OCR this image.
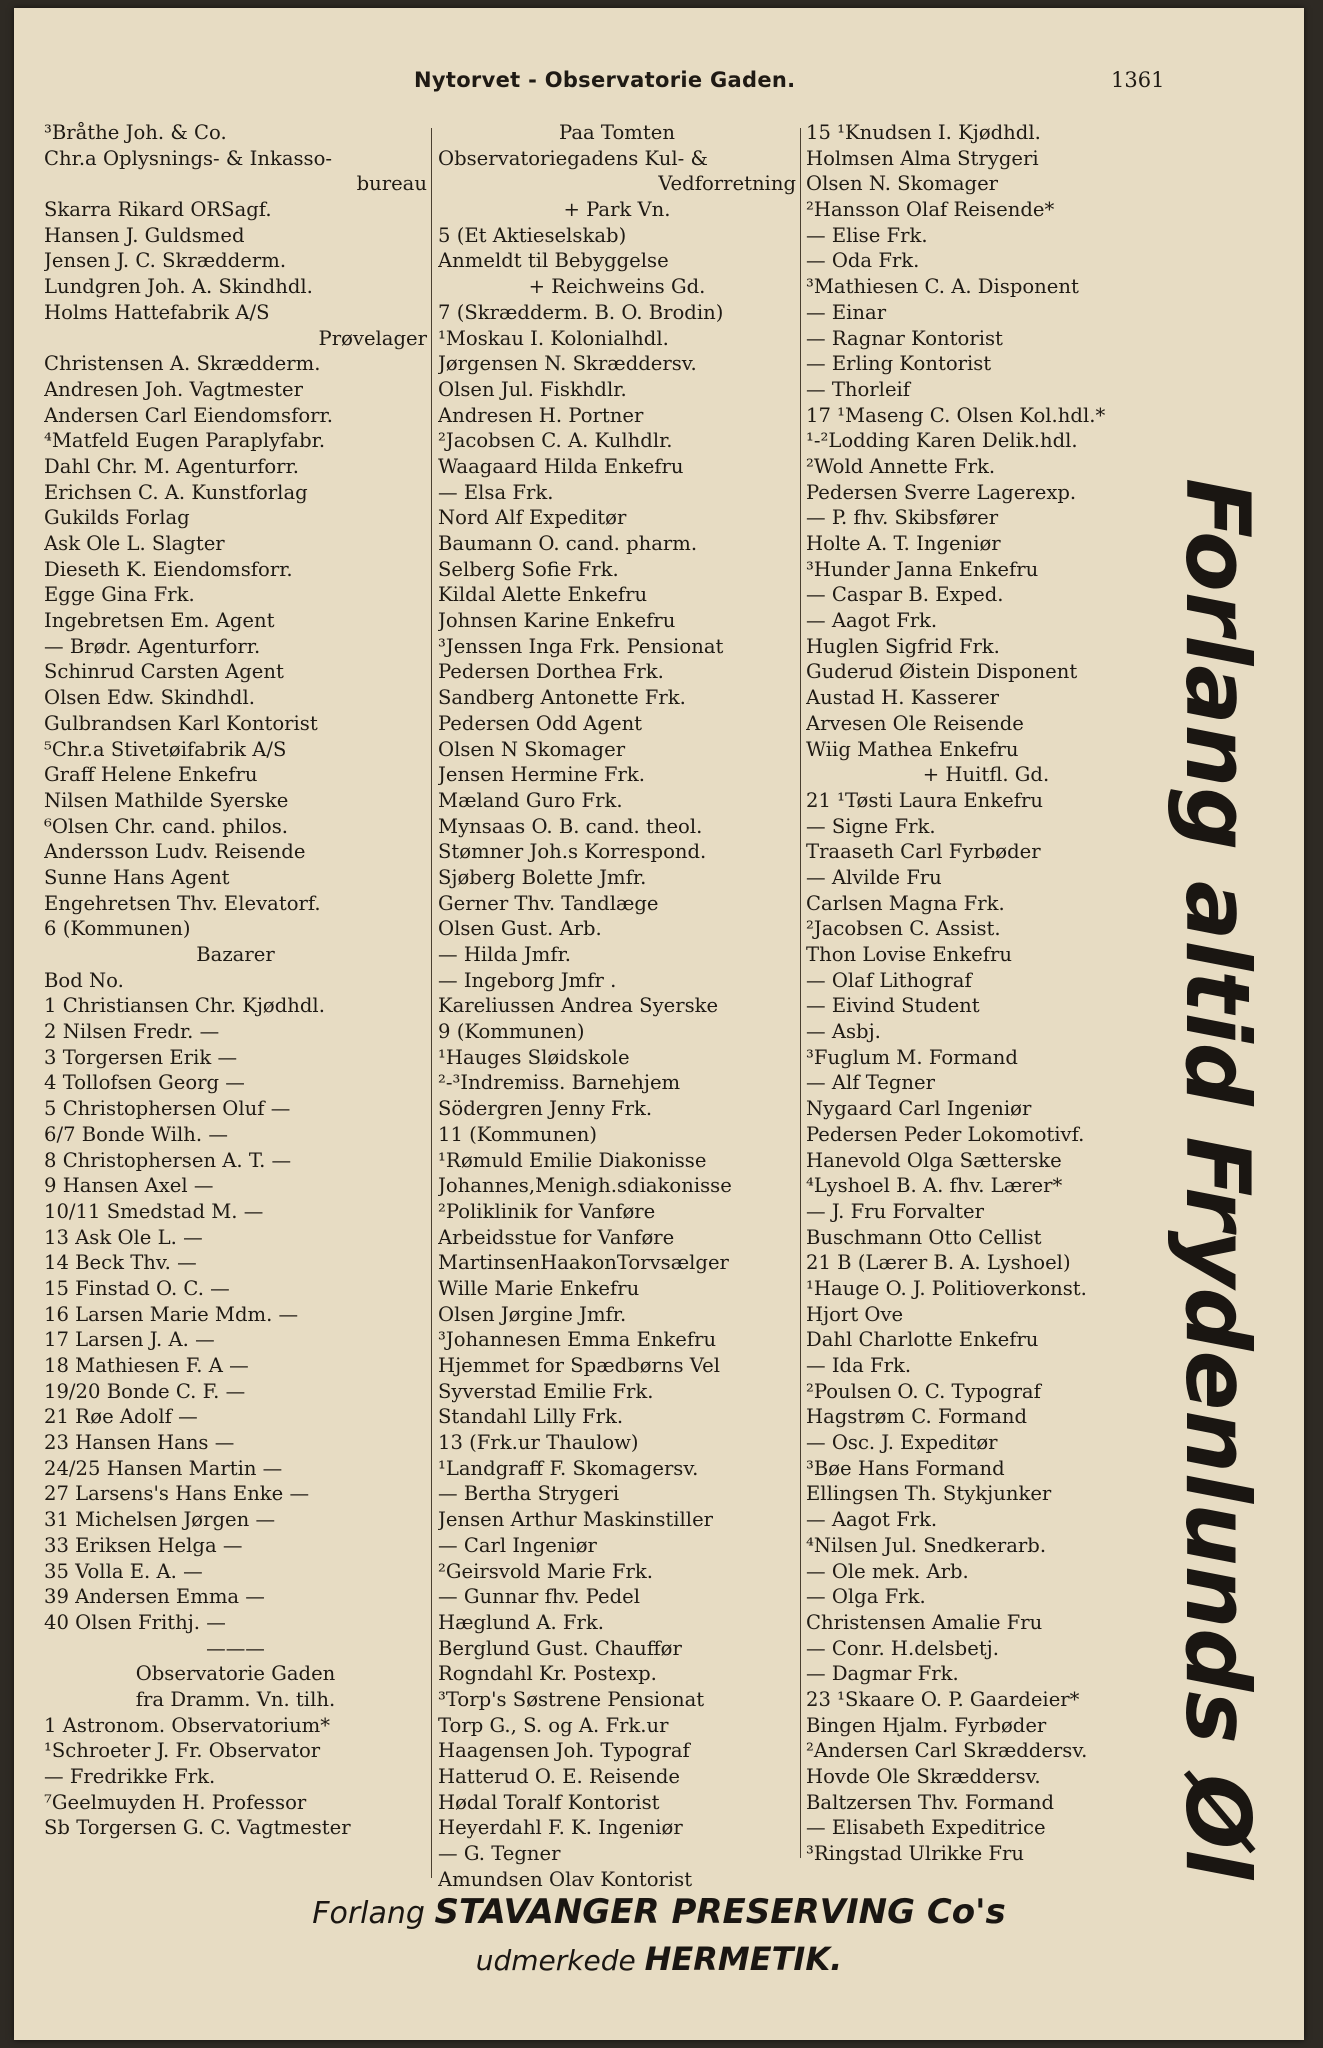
Nytorvet - Observatorie Gaden.	1361
³Bråthe Joh. & Co.
Chr.a Oplysnings- & Inkasso-
bureau
Skarra Rikard ORSagf.
Hansen J. Guldsmed
Jensen J. C. Skrædderm.
Lundgren Joh. A. Skindhdl.
Holms Hattefabrik A/S
Prøvelager
Christensen A. Skrædderm.
Andresen Joh. Vagtmester
Andersen Carl Eiendomsforr.
⁴Matfeld Eugen Paraplyfabr.
Dahl Chr. M. Agenturforr.
Erichsen C. A. Kunstforlag
Gukilds Forlag
Ask Ole L. Slagter
Dieseth K. Eiendomsforr.
Egge Gina Frk.
Ingebretsen Em. Agent
— Brødr. Agenturforr.
Schinrud Carsten Agent
Olsen Edw. Skindhdl.
Gulbrandsen Karl Kontorist
⁵Chr.a Stivetøifabrik A/S
Graff Helene Enkefru
Nilsen Mathilde Syerske
⁶Olsen Chr. cand. philos.
Andersson Ludv. Reisende
Sunne Hans Agent
Engehretsen Thv. Elevatorf.
6 (Kommunen)
Bazarer
Bod No.
1 Christiansen Chr. Kjødhdl.
2 Nilsen Fredr. —
3 Torgersen Erik —
4 Tollofsen Georg —
5 Christophersen Oluf —
6/7 Bonde Wilh. —
8 Christophersen A. T. —
9 Hansen Axel —
10/11 Smedstad M. —
13 Ask Ole L. —
14 Beck Thv. —
15 Finstad O. C. —
16 Larsen Marie Mdm. —
17 Larsen J. A. —
18 Mathiesen F. A —
19/20 Bonde C. F. —
21 Røe Adolf —
23 Hansen Hans —
24/25 Hansen Martin —
27 Larsens's Hans Enke —
31 Michelsen Jørgen —
33 Eriksen Helga —
35 Volla E. A. —
39 Andersen Emma —
40 Olsen Frithj. —
———
Observatorie Gaden
fra Dramm. Vn. tilh.
1 Astronom. Observatorium*
¹Schroeter J. Fr. Observator
— Fredrikke Frk.
⁷Geelmuyden H. Professor
Sb Torgersen G. C. Vagtmester
Paa Tomten
Observatoriegadens Kul- &
Vedforretning
+ Park Vn.
5 (Et Aktieselskab)
Anmeldt til Bebyggelse
+ Reichweins Gd.
7 (Skrædderm. B. O. Brodin)
¹Moskau I. Kolonialhdl.
Jørgensen N. Skræddersv.
Olsen Jul. Fiskhdlr.
Andresen H. Portner
²Jacobsen C. A. Kulhdlr.
Waagaard Hilda Enkefru
— Elsa Frk.
Nord Alf Expeditør
Baumann O. cand. pharm.
Selberg Sofie Frk.
Kildal Alette Enkefru
Johnsen Karine Enkefru
³Jenssen Inga Frk. Pensionat
Pedersen Dorthea Frk.
Sandberg Antonette Frk.
Pedersen Odd Agent
Olsen N Skomager
Jensen Hermine Frk.
Mæland Guro Frk.
Mynsaas O. B. cand. theol.
Stømner Joh.s Korrespond.
Sjøberg Bolette Jmfr.
Gerner Thv. Tandlæge
Olsen Gust. Arb.
— Hilda Jmfr.
— Ingeborg Jmfr .
Kareliussen Andrea Syerske
9 (Kommunen)
¹Hauges Sløidskole
²-³Indremiss. Barnehjem
Södergren Jenny Frk.
11 (Kommunen)
¹Rømuld Emilie Diakonisse
Johannes,Menigh.sdiakonisse
²Poliklinik for Vanføre
Arbeidsstue for Vanføre
MartinsenHaakonTorvsælger
Wille Marie Enkefru
Olsen Jørgine Jmfr.
³Johannesen Emma Enkefru
Hjemmet for Spædbørns Vel
Syverstad Emilie Frk.
Standahl Lilly Frk.
13 (Frk.ur Thaulow)
¹Landgraff F. Skomagersv.
— Bertha Strygeri
Jensen Arthur Maskinstiller
— Carl Ingeniør
²Geirsvold Marie Frk.
— Gunnar fhv. Pedel
Hæglund A. Frk.
Berglund Gust. Chauffør
Rogndahl Kr. Postexp.
³Torp's Søstrene Pensionat
Torp G., S. og A. Frk.ur
Haagensen Joh. Typograf
Hatterud O. E. Reisende
Hødal Toralf Kontorist
Heyerdahl F. K. Ingeniør
— G. Tegner
Amundsen Olav Kontorist
15 ¹Knudsen I. Kjødhdl.
Holmsen Alma Strygeri
Olsen N. Skomager
²Hansson Olaf Reisende*
— Elise Frk.
— Oda Frk.
³Mathiesen C. A. Disponent
— Einar
— Ragnar Kontorist
— Erling Kontorist
— Thorleif
17 ¹Maseng C. Olsen Kol.hdl.*
¹-²Lodding Karen Delik.hdl.
²Wold Annette Frk.
Pedersen Sverre Lagerexp.
— P. fhv. Skibsfører
Holte A. T. Ingeniør
³Hunder Janna Enkefru
— Caspar B. Exped.
— Aagot Frk.
Huglen Sigfrid Frk.
Guderud Øistein Disponent
Austad H. Kasserer
Arvesen Ole Reisende
Wiig Mathea Enkefru
+ Huitfl. Gd.
21 ¹Tøsti Laura Enkefru
— Signe Frk.
Traaseth Carl Fyrbøder
— Alvilde Fru
Carlsen Magna Frk.
²Jacobsen C. Assist.
Thon Lovise Enkefru
— Olaf Lithograf
— Eivind Student
— Asbj.
³Fuglum M. Formand
— Alf Tegner
Nygaard Carl Ingeniør
Pedersen Peder Lokomotivf.
Hanevold Olga Sætterske
⁴Lyshoel B. A. fhv. Lærer*
— J. Fru Forvalter
Buschmann Otto Cellist
21 B (Lærer B. A. Lyshoel)
¹Hauge O. J. Politioverkonst.
Hjort Ove
Dahl Charlotte Enkefru
— Ida Frk.
²Poulsen O. C. Typograf
Hagstrøm C. Formand
— Osc. J. Expeditør
³Bøe Hans Formand
Ellingsen Th. Stykjunker
— Aagot Frk.
⁴Nilsen Jul. Snedkerarb.
— Ole mek. Arb.
— Olga Frk.
Christensen Amalie Fru
— Conr. H.delsbetj.
— Dagmar Frk.
23 ¹Skaare O. P. Gaardeier*
Bingen Hjalm. Fyrbøder
²Andersen Carl Skræddersv.
Hovde Ole Skræddersv.
Baltzersen Thv. Formand
— Elisabeth Expeditrice
³Ringstad Ulrikke Fru	Forlang altid Frydenlunds Øl
Forlang STAVANGER PRESERVING Co's
udmerkede HERMETIK.
